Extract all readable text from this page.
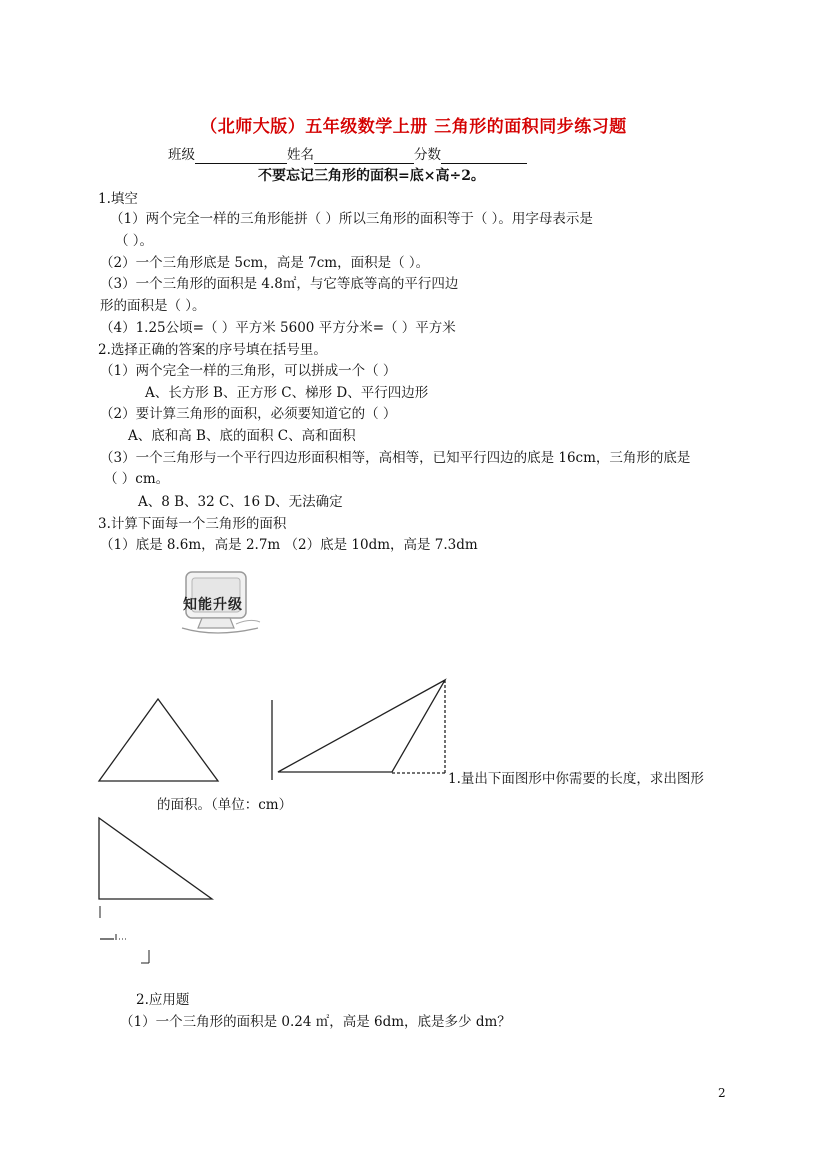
（北师大版）五年级数学上册 三角形的面积同步练习题
班级	姓名	分数
不要忘记三角形的面积=底×高÷2。
1.填空
（1）两个完全一样的三角形能拼（ ）所以三角形的面积等于（ ）。用字母表示是
（ ）。
（2）一个三角形底是 5cm，高是 7cm，面积是（ ）。
（3）一个三角形的面积是 4.8㎡，与它等底等高的平行四边
形的面积是（ ）。
（4）1.25公顷=（ ）平方米 5600 平方分米=（ ）平方米
2.选择正确的答案的序号填在括号里。
（1）两个完全一样的三角形，可以拼成一个（ ）
A、长方形 B、正方形 C、梯形 D、平行四边形
（2）要计算三角形的面积，必须要知道它的（ ）
A、底和高 B、底的面积 C、高和面积
（3）一个三角形与一个平行四边形面积相等，高相等，已知平行四边的底是 16cm，三角形的底是
（ ）cm。
A、8 B、32 C、16 D、无法确定
3.计算下面每一个三角形的面积
（1）底是 8.6m，高是 2.7m （2）底是 10dm，高是 7.3dm
知能升级
1.量出下面图形中你需要的长度，求出图形
的面积。（单位：cm）
2.应用题
（1）一个三角形的面积是 0.24 ㎡，高是 6dm，底是多少 dm？
2
